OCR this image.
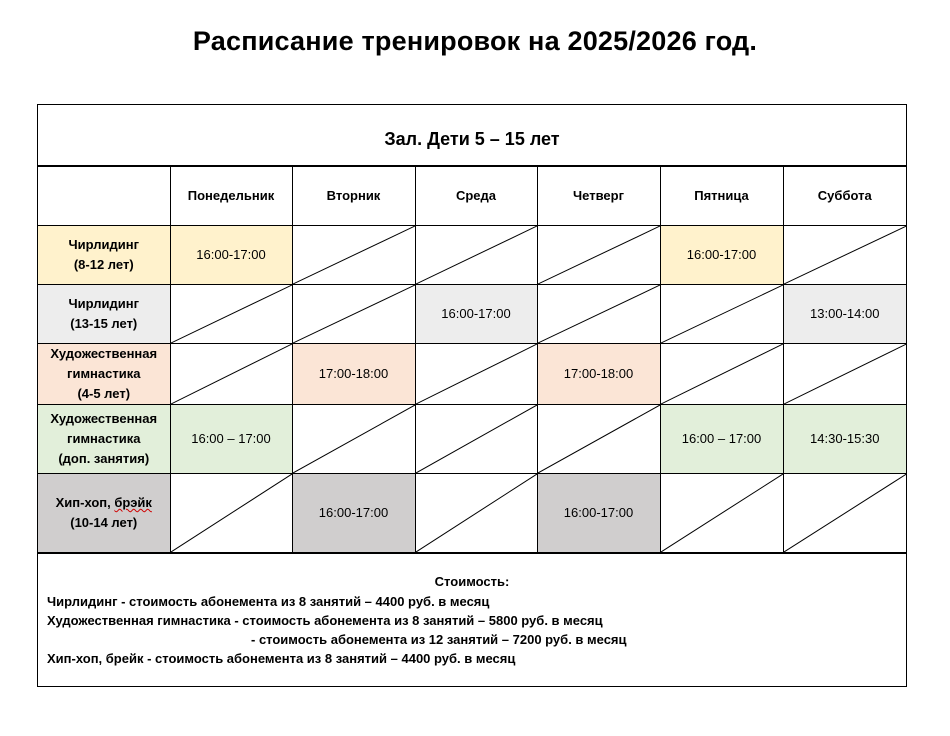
Расписание тренировок на 2025/2026 год.
Зал. Дети 5 – 15 лет
	Понедельник	Вторник	Среда	Четверг	Пятница	Суббота

Чирлидинг
(8-12 лет)	16:00-17:00				16:00-17:00	

Чирлидинг
(13-15 лет)			16:00-17:00			13:00-14:00

Художественная
гимнастика
(4-5 лет)		17:00-18:00		17:00-18:00	

Художественная
гимнастика
(доп. занятия)	16:00 – 17:00				16:00 – 17:00	14:30-15:30

Хип-хоп, брэйк
(10-14 лет)		16:00-17:00		16:00-17:00	

Стоимость:
Чирлидинг - стоимость абонемента из 8 занятий – 4400 руб. в месяц
Художественная гимнастика - стоимость абонемента из 8 занятий – 5800 руб. в месяц
- стоимость абонемента из 12 занятий – 7200 руб. в месяц
Хип-хоп, брейк - стоимость абонемента из 8 занятий – 4400 руб. в месяц
